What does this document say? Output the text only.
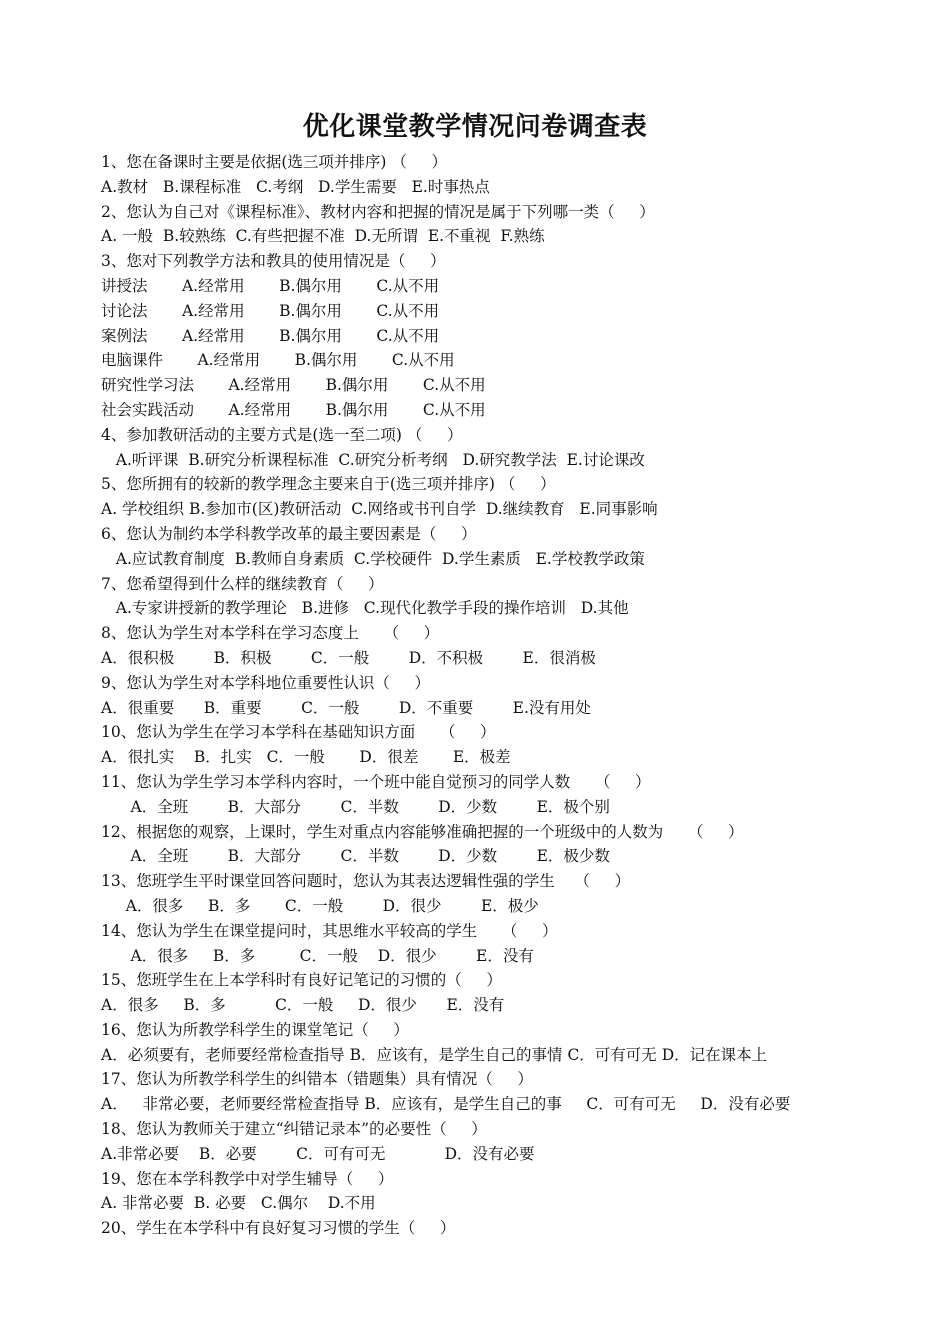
优化课堂教学情况问卷调查表
1、您在备课时主要是依据(选三项并排序) （     ）
A.教材   B.课程标准   C.考纲   D.学生需要   E.时事热点
2、您认为自己对《课程标准》、教材内容和把握的情况是属于下列哪一类（     ）
A. 一般  B.较熟练  C.有些把握不准  D.无所谓  E.不重视  F.熟练
3、您对下列教学方法和教具的使用情况是（     ）
讲授法       A.经常用       B.偶尔用       C.从不用
讨论法       A.经常用       B.偶尔用       C.从不用
案例法       A.经常用       B.偶尔用       C.从不用
电脑课件       A.经常用       B.偶尔用       C.从不用
研究性学习法       A.经常用       B.偶尔用       C.从不用
社会实践活动       A.经常用       B.偶尔用       C.从不用
4、参加教研活动的主要方式是(选一至二项) （     ）
A.听评课  B.研究分析课程标准  C.研究分析考纲   D.研究教学法  E.讨论课改
5、您所拥有的较新的教学理念主要来自于(选三项并排序) （     ）
A. 学校组织 B.参加市(区)教研活动  C.网络或书刊自学  D.继续教育   E.同事影响
6、您认为制约本学科教学改革的最主要因素是（     ）
A.应试教育制度  B.教师自身素质  C.学校硬件  D.学生素质   E.学校教学政策
7、您希望得到什么样的继续教育（     ）
A.专家讲授新的教学理论   B.进修   C.现代化教学手段的操作培训   D.其他
8、您认为学生对本学科在学习态度上     （     ）
A．很积极        B．积极        C．一般        D．不积极        E．很消极
9、您认为学生对本学科地位重要性认识（     ）
A．很重要      B．重要        C．一般        D．不重要        E.没有用处
10、您认为学生在学习本学科在基础知识方面     （     ）
A．很扎实    B．扎实   C．一般       D．很差       E．极差
11、您认为学生学习本学科内容时，一个班中能自觉预习的同学人数     （     ）
A．全班        B．大部分        C．半数        D．少数        E．极个别
12、根据您的观察，上课时，学生对重点内容能够准确把握的一个班级中的人数为     （     ）
A．全班        B．大部分        C．半数        D．少数        E．极少数
13、您班学生平时课堂回答问题时，您认为其表达逻辑性强的学生    （     ）
A．很多     B．多       C．一般        D．很少        E．极少
14、您认为学生在课堂提问时，其思维水平较高的学生     （     ）
A．很多     B．多         C．一般    D．很少        E．没有
15、您班学生在上本学科时有良好记笔记的习惯的（     ）
A．很多     B．多          C．一般     D．很少      E．没有
16、您认为所教学科学生的课堂笔记（     ）
A．必须要有，老师要经常检查指导 B．应该有，是学生自己的事情 C．可有可无 D．记在课本上
17、您认为所教学科学生的纠错本（错题集）具有情况（     ）
A．   非常必要，老师要经常检查指导 B．应该有，是学生自己的事     C．可有可无     D．没有必要
18、您认为教师关于建立“纠错记录本”的必要性（     ）
A.非常必要    B．必要        C．可有可无            D．没有必要
19、您在本学科教学中对学生辅导（     ）
A. 非常必要  B. 必要   C.偶尔    D.不用
20、学生在本学科中有良好复习习惯的学生（     ）
